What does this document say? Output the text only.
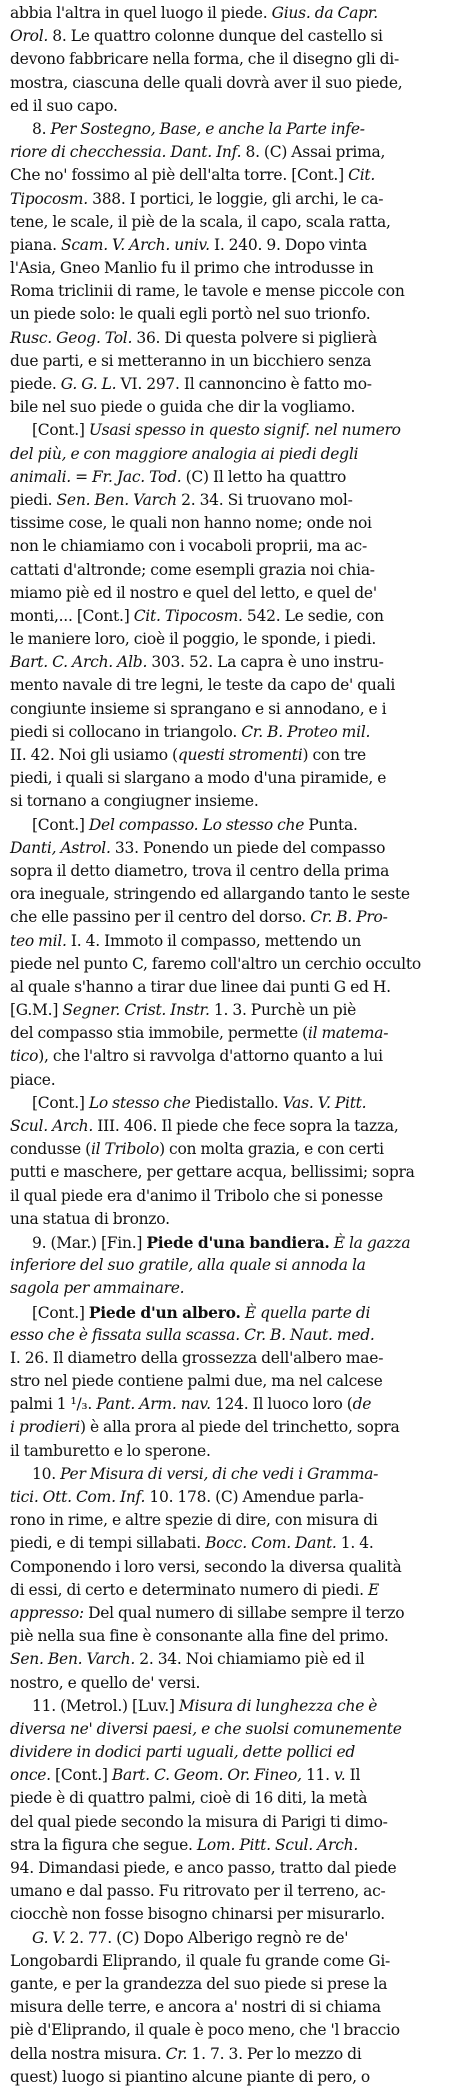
abbia l'altra in quel luogo il piede. Gius. da Capr.
Orol. 8. Le quattro colonne dunque del castello si
devono fabbricare nella forma, che il disegno gli di-
mostra, ciascuna delle quali dovrà aver il suo piede,
ed il suo capo.
8. Per Sostegno, Base, e anche la Parte infe-
riore di checchessia. Dant. Inf. 8. (C) Assai prima,
Che no' fossimo al piè dell'alta torre. [Cont.] Cit.
Tipocosm. 388. I portici, le loggie, gli archi, le ca-
tene, le scale, il piè de la scala, il capo, scala ratta,
piana. Scam. V. Arch. univ. I. 240. 9. Dopo vinta
l'Asia, Gneo Manlio fu il primo che introdusse in
Roma triclinii di rame, le tavole e mense piccole con
un piede solo: le quali egli portò nel suo trionfo.
Rusc. Geog. Tol. 36. Di questa polvere si piglierà
due parti, e si metteranno in un bicchiero senza
piede. G. G. L. VI. 297. Il cannoncino è fatto mo-
bile nel suo piede o guida che dir la vogliamo.
[Cont.] Usasi spesso in questo signif. nel numero
del più, e con maggiore analogia ai piedi degli
animali. = Fr. Jac. Tod. (C) Il letto ha quattro
piedi. Sen. Ben. Varch 2. 34. Si truovano mol-
tissime cose, le quali non hanno nome; onde noi
non le chiamiamo con i vocaboli proprii, ma ac-
cattati d'altronde; come esempli grazia noi chia-
miamo piè ed il nostro e quel del letto, e quel de'
monti,... [Cont.] Cit. Tipocosm. 542. Le sedie, con
le maniere loro, cioè il poggio, le sponde, i piedi.
Bart. C. Arch. Alb. 303. 52. La capra è uno instru-
mento navale di tre legni, le teste da capo de' quali
congiunte insieme si sprangano e si annodano, e i
piedi si collocano in triangolo. Cr. B. Proteo mil.
II. 42. Noi gli usiamo (questi stromenti) con tre
piedi, i quali si slargano a modo d'una piramide, e
si tornano a congiugner insieme.
[Cont.] Del compasso. Lo stesso che Punta.
Danti, Astrol. 33. Ponendo un piede del compasso
sopra il detto diametro, trova il centro della prima
ora ineguale, stringendo ed allargando tanto le seste
che elle passino per il centro del dorso. Cr. B. Pro-
teo mil. I. 4. Immoto il compasso, mettendo un
piede nel punto C, faremo coll'altro un cerchio occulto
al quale s'hanno a tirar due linee dai punti G ed H.
[G.M.] Segner. Crist. Instr. 1. 3. Purchè un piè
del compasso stia immobile, permette (il matema-
tico), che l'altro si ravvolga d'attorno quanto a lui
piace.
[Cont.] Lo stesso che Piedistallo. Vas. V. Pitt.
Scul. Arch. III. 406. Il piede che fece sopra la tazza,
condusse (il Tribolo) con molta grazia, e con certi
putti e maschere, per gettare acqua, bellissimi; sopra
il qual piede era d'animo il Tribolo che si ponesse
una statua di bronzo.
9. (Mar.) [Fin.] Piede d'una bandiera. È la gazza
inferiore del suo gratile, alla quale si annoda la
sagola per ammainare.
[Cont.] Piede d'un albero. È quella parte di
esso che è fissata sulla scassa. Cr. B. Naut. med.
I. 26. Il diametro della grossezza dell'albero mae-
stro nel piede contiene palmi due, ma nel calcese
palmi 1 ¹/₃. Pant. Arm. nav. 124. Il luoco loro (de
i prodieri) è alla prora al piede del trinchetto, sopra
il tamburetto e lo sperone.
10. Per Misura di versi, di che vedi i Gramma-
tici. Ott. Com. Inf. 10. 178. (C) Amendue parla-
rono in rime, e altre spezie di dire, con misura di
piedi, e di tempi sillabati. Bocc. Com. Dant. 1. 4.
Componendo i loro versi, secondo la diversa qualità
di essi, di certo e determinato numero di piedi. E
appresso: Del qual numero di sillabe sempre il terzo
piè nella sua fine è consonante alla fine del primo.
Sen. Ben. Varch. 2. 34. Noi chiamiamo piè ed il
nostro, e quello de' versi.
11. (Metrol.) [Luv.] Misura di lunghezza che è
diversa ne' diversi paesi, e che suolsi comunemente
dividere in dodici parti uguali, dette pollici ed
once. [Cont.] Bart. C. Geom. Or. Fineo, 11. v. Il
piede è di quattro palmi, cioè di 16 diti, la metà
del qual piede secondo la misura di Parigi ti dimo-
stra la figura che segue. Lom. Pitt. Scul. Arch.
94. Dimandasi piede, e anco passo, tratto dal piede
umano e dal passo. Fu ritrovato per il terreno, ac-
ciocchè non fosse bisogno chinarsi per misurarlo.
G. V. 2. 77. (C) Dopo Alberigo regnò re de'
Longobardi Eliprando, il quale fu grande come Gi-
gante, e per la grandezza del suo piede si prese la
misura delle terre, e ancora a' nostri di si chiama
piè d'Eliprando, il quale è poco meno, che 'l braccio
della nostra misura. Cr. 1. 7. 3. Per lo mezzo di
quest) luogo si piantino alcune piante di pero, o
